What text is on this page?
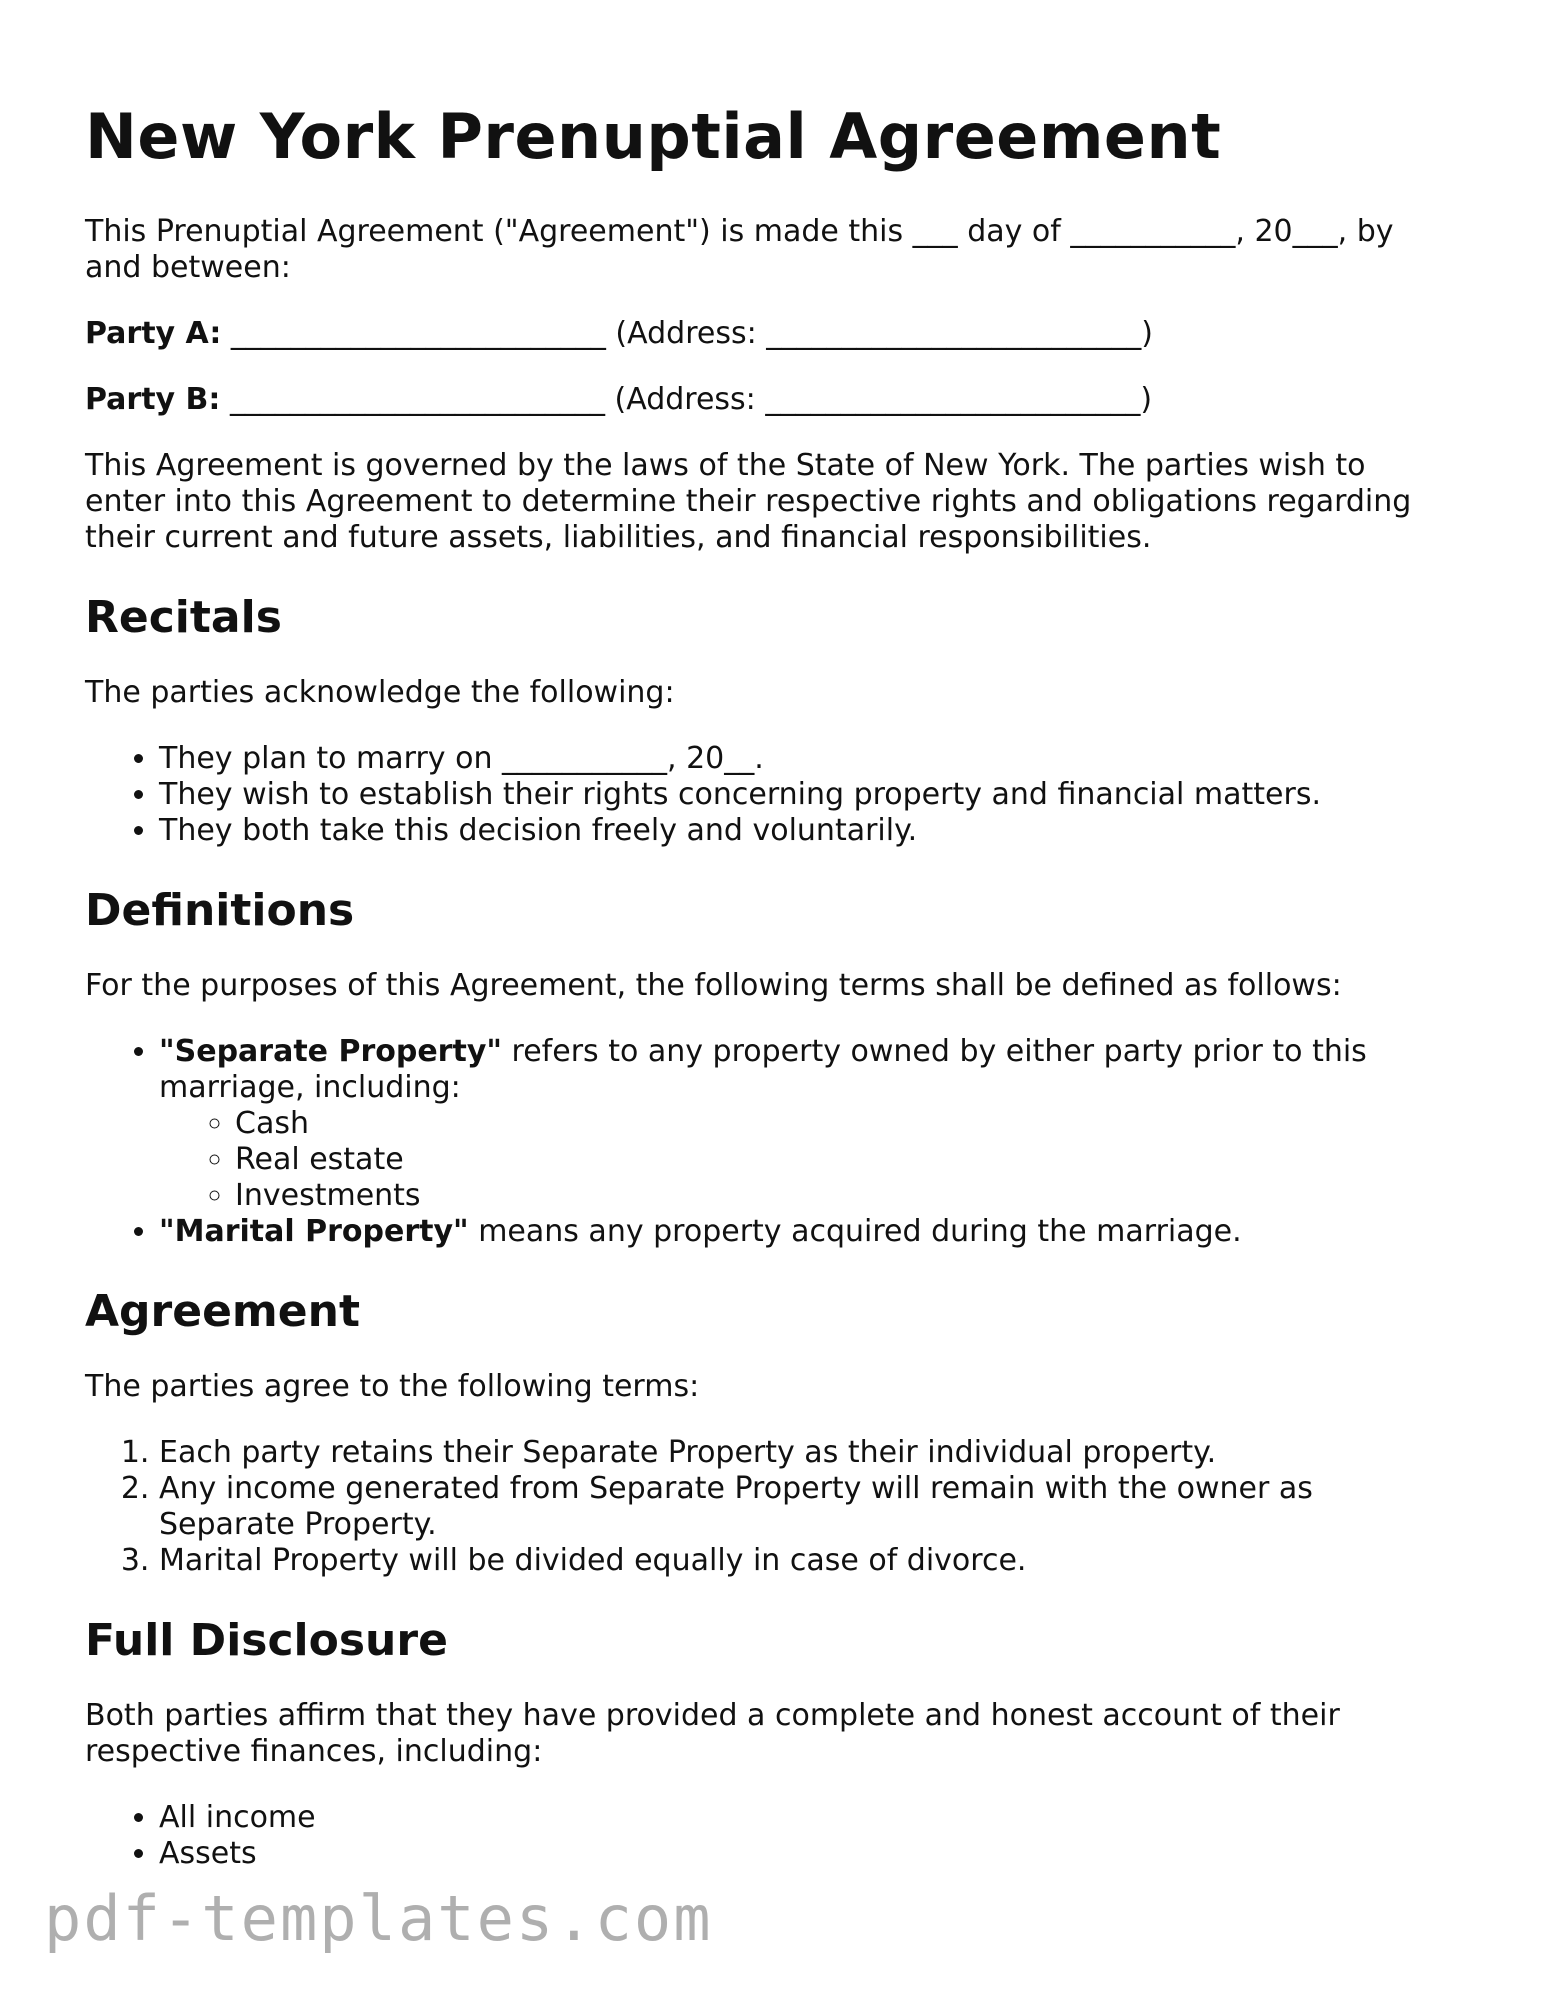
New York Prenuptial Agreement

This Prenuptial Agreement ("Agreement") is made this ___ day of ___________, 20___, by and between:

Party A: _________________________ (Address: _________________________)

Party B: _________________________ (Address: _________________________)

This Agreement is governed by the laws of the State of New York. The parties wish to enter into this Agreement to determine their respective rights and obligations regarding their current and future assets, liabilities, and financial responsibilities.

Recitals

The parties acknowledge the following:

• They plan to marry on ___________, 20__.
• They wish to establish their rights concerning property and financial matters.
• They both take this decision freely and voluntarily.
Definitions

For the purposes of this Agreement, the following terms shall be defined as follows:

• "Separate Property" refers to any property owned by either party prior to this marriage, including:
◦ Cash
◦ Real estate
◦ Investments
• "Marital Property" means any property acquired during the marriage.
Agreement

The parties agree to the following terms:

1. Each party retains their Separate Property as their individual property.
2. Any income generated from Separate Property will remain with the owner as Separate Property.
3. Marital Property will be divided equally in case of divorce.
Full Disclosure

Both parties affirm that they have provided a complete and honest account of their respective finances, including:

• All income
• Assets
pdf-templates.com
